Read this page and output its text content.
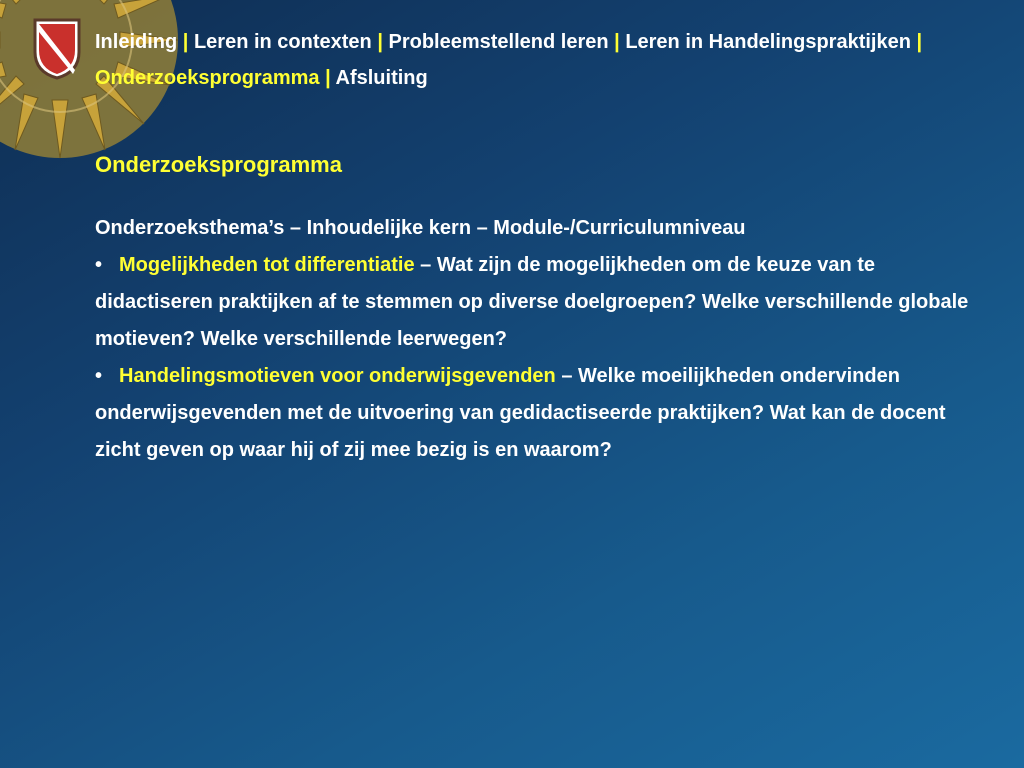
Inleiding | Leren in contexten | Probleemstellend leren | Leren in Handelingspraktijken | Onderzoeksprogramma | Afsluiting
Onderzoeksprogramma

Onderzoeksthema’s – Inhoudelijke kern – Module-/Curriculumniveau

• Mogelijkheden tot differentiatie – Wat zijn de mogelijkheden om de keuze van te didactiseren praktijken af te stemmen op diverse doelgroepen? Welke verschillende globale motieven? Welke verschillende leerwegen?

• Handelingsmotieven voor onderwijsgevenden – Welke moeilijkheden ondervinden onderwijsgevenden met de uitvoering van gedidactiseerde praktijken? Wat kan de docent zicht geven op waar hij of zij mee bezig is en waarom?
